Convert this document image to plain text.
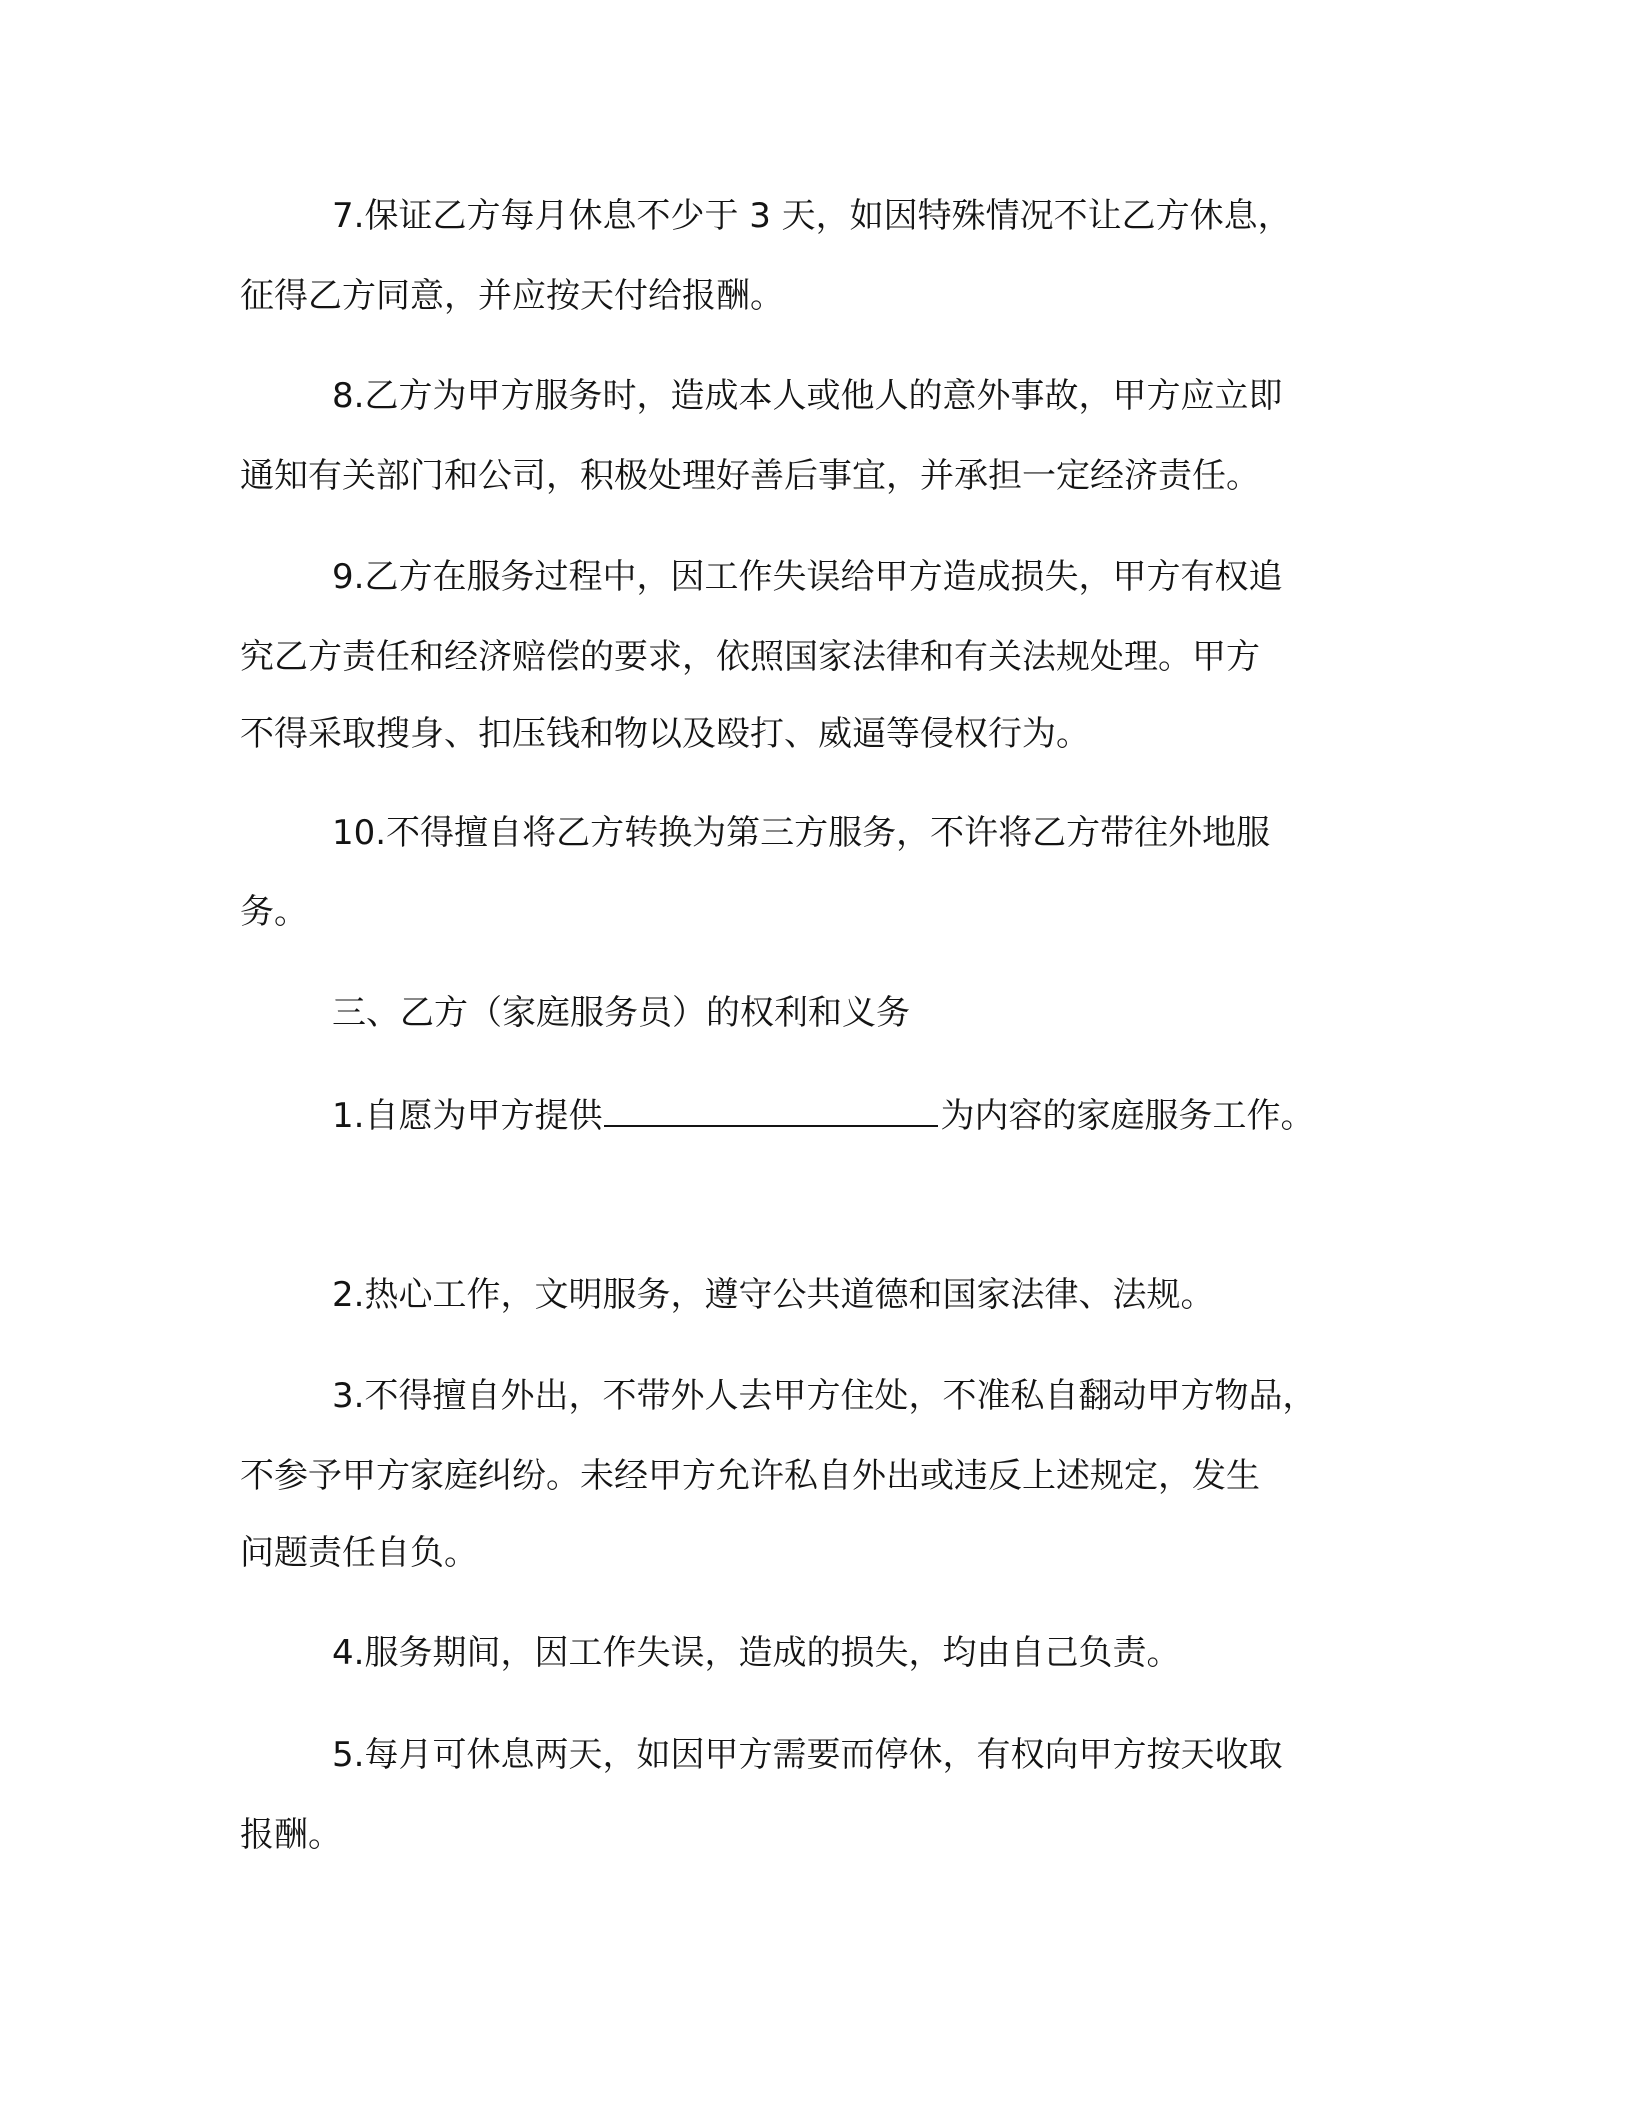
7.保证乙方每月休息不少于 3 天，如因特殊情况不让乙方休息，

征得乙方同意，并应按天付给报酬。

8.乙方为甲方服务时，造成本人或他人的意外事故，甲方应立即

通知有关部门和公司，积极处理好善后事宜，并承担一定经济责任。

9.乙方在服务过程中，因工作失误给甲方造成损失，甲方有权追

究乙方责任和经济赔偿的要求，依照国家法律和有关法规处理。甲方

不得采取搜身、扣压钱和物以及殴打、威逼等侵权行为。

10.不得擅自将乙方转换为第三方服务，不许将乙方带往外地服

务。

三、乙方（家庭服务员）的权利和义务

1.自愿为甲方提供	为内容的家庭服务工作。

2.热心工作，文明服务，遵守公共道德和国家法律、法规。

3.不得擅自外出，不带外人去甲方住处，不准私自翻动甲方物品，

不参予甲方家庭纠纷。未经甲方允许私自外出或违反上述规定，发生

问题责任自负。

4.服务期间，因工作失误，造成的损失，均由自己负责。

5.每月可休息两天，如因甲方需要而停休，有权向甲方按天收取

报酬。
